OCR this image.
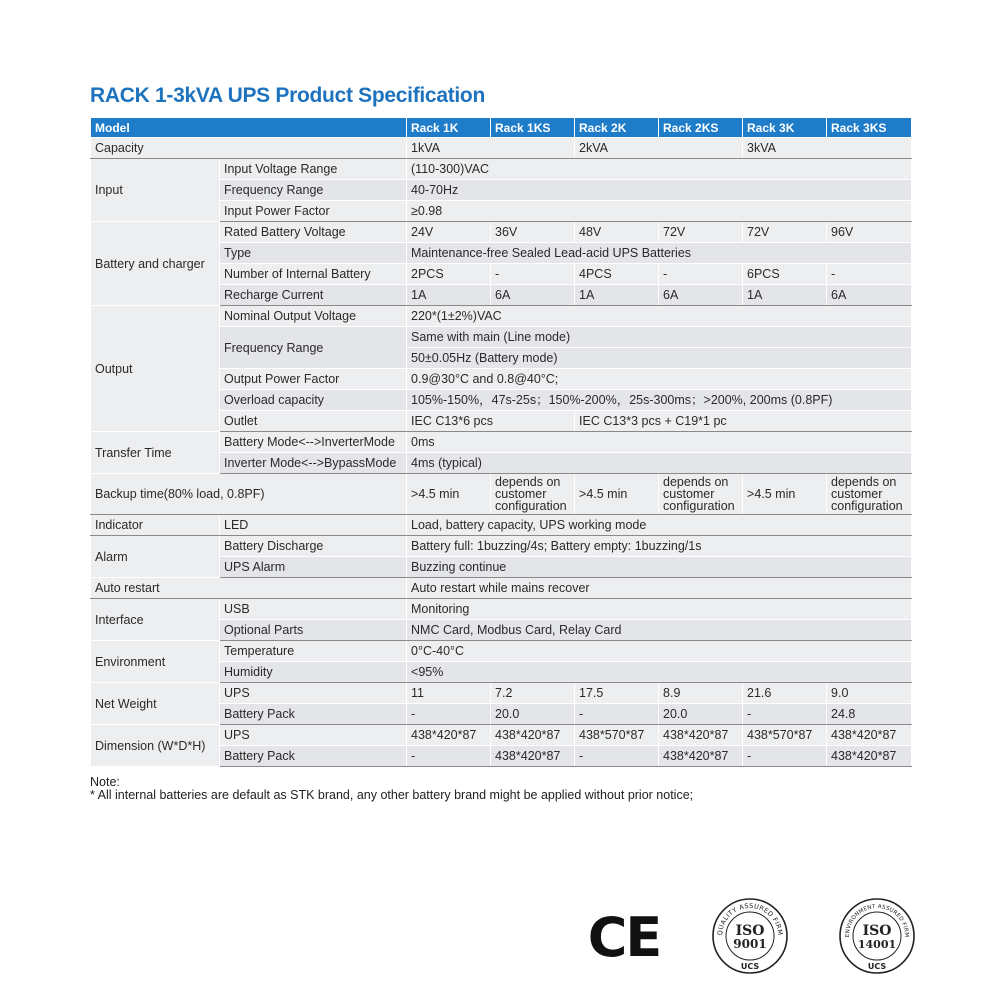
RACK 1-3kVA UPS Product Specification
Model		Rack 1K	Rack 1KS	Rack 2K	Rack 2KS	Rack 3K	Rack 3KS
Capacity		1kVA		2kVA		3kVA	
Input	Input Voltage Range	(110-300)VAC					
	Frequency Range	40-70Hz					
	Input Power Factor	≥0.98					
Battery and charger	Rated Battery Voltage	24V	36V	48V	72V	72V	96V
	Type	Maintenance-free Sealed Lead-acid UPS Batteries					
	Number of Internal Battery	2PCS	-	4PCS	-	6PCS	-
	Recharge Current	1A	6A	1A	6A	1A	6A
Output	Nominal Output Voltage	220*(1±2%)VAC					
	Frequency Range	Same with main (Line mode)					
		50±0.05Hz (Battery mode)					
	Output Power Factor	0.9@30°C and 0.8@40°C;					
	Overload capacity	105%-150%，47s-25s；150%-200%，25s-300ms；>200%, 200ms (0.8PF)					
	Outlet	IEC C13*6 pcs		IEC C13*3 pcs + C19*1 pc			
Transfer Time	Battery Mode<-->InverterMode	0ms					
	Inverter Mode<-->BypassMode	4ms (typical)					
Backup time(80% load, 0.8PF)		>4.5 min	depends on customer configuration	>4.5 min	depends on customer configuration	>4.5 min	depends on customer configuration
Indicator	LED	Load, battery capacity, UPS working mode					
Alarm	Battery Discharge	Battery full: 1buzzing/4s; Battery empty: 1buzzing/1s					
	UPS Alarm	Buzzing continue					
Auto restart		Auto restart while mains recover					
Interface	USB	Monitoring					
	Optional Parts	NMC Card, Modbus Card, Relay Card					
Environment	Temperature	0°C-40°C					
	Humidity	<95%					
Net Weight	UPS	11	7.2	17.5	8.9	21.6	9.0
	Battery Pack	-	20.0	-	20.0	-	24.8
Dimension (W*D*H)	UPS	438*420*87	438*420*87	438*570*87	438*420*87	438*570*87	438*420*87
	Battery Pack	-	438*420*87	-	438*420*87	-	438*420*87
Note:
* All internal batteries are default as STK brand, any other battery brand might be applied without prior notice;
CE	QUALITY ASSURED FIRM
ISO
9001
UCS
ENVIRONMENT ASSURED FIRM
ISO
14001
UCS
